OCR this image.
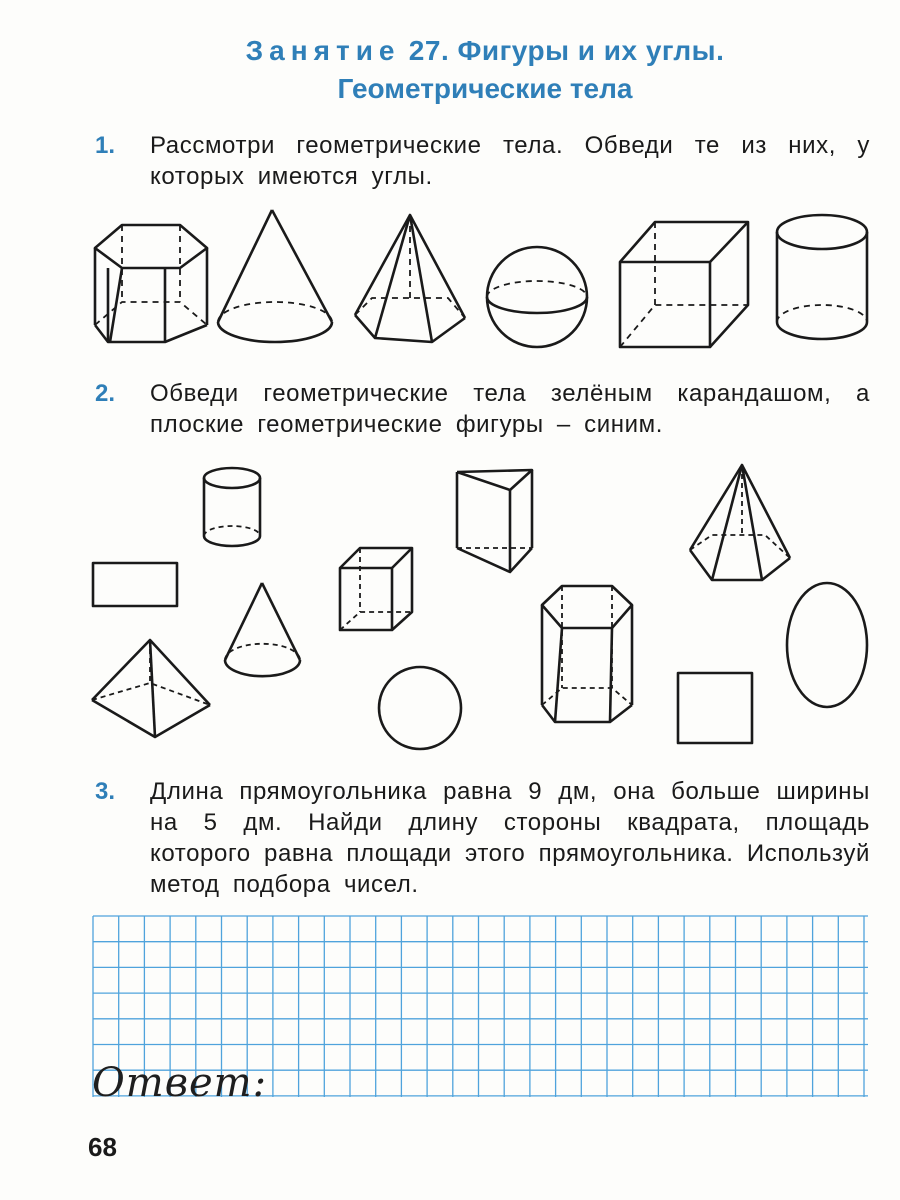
Занятие 27. Фигуры и их углы.
Геометрические тела
1. Рассмотри геометрические тела. Обведи те из них, у которых имеются углы.
2. Обведи геометрические тела зелёным карандашом, а плоские геометрические фигуры – синим.
3. Длина прямоугольника равна 9 дм, она больше ширины на 5 дм. Найди длину стороны квадрата, площадь которого равна площади этого прямоугольника. Используй метод подбора чисел.
Ответ:
68
